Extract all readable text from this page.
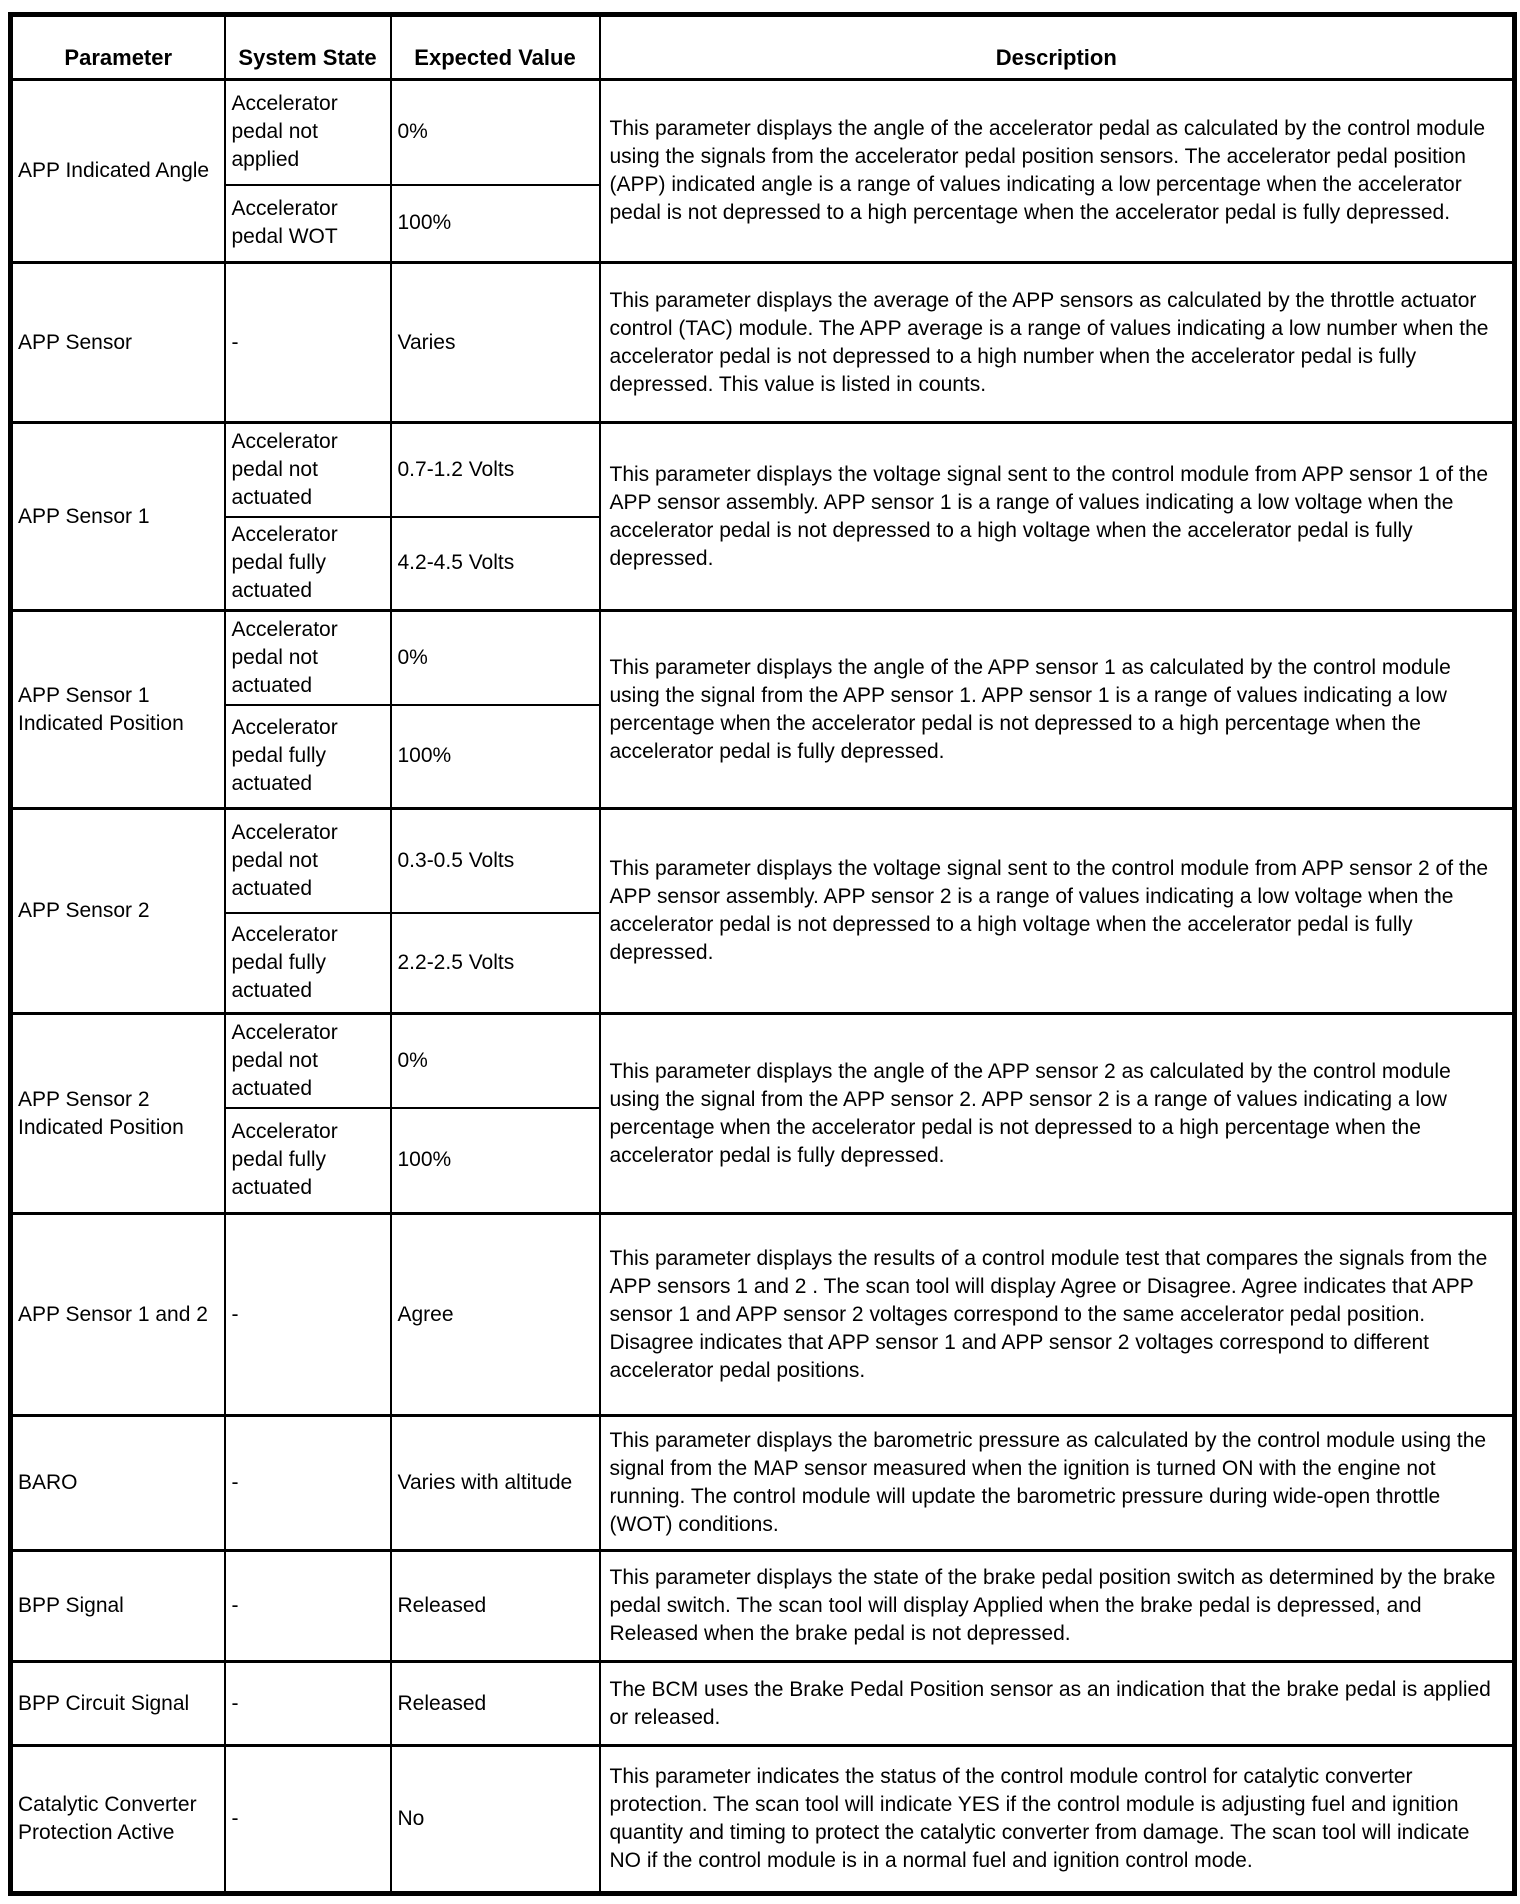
Parameter	System State	Expected Value	Description
APP Indicated Angle	Accelerator pedal not applied	0%	This parameter displays the angle of the accelerator pedal as calculated by the control module using the signals from the accelerator pedal position sensors. The accelerator pedal position (APP) indicated angle is a range of values indicating a low percentage when the accelerator pedal is not depressed to a high percentage when the accelerator pedal is fully depressed.
	Accelerator pedal WOT	100%	
APP Sensor	-	Varies	This parameter displays the average of the APP sensors as calculated by the throttle actuator control (TAC) module. The APP average is a range of values indicating a low number when the accelerator pedal is not depressed to a high number when the accelerator pedal is fully depressed. This value is listed in counts.
APP Sensor 1	Accelerator pedal not actuated	0.7-1.2 Volts	This parameter displays the voltage signal sent to the control module from APP sensor 1 of the APP sensor assembly. APP sensor 1 is a range of values indicating a low voltage when the accelerator pedal is not depressed to a high voltage when the accelerator pedal is fully depressed.
	Accelerator pedal fully actuated	4.2-4.5 Volts	
APP Sensor 1 Indicated Position	Accelerator pedal not actuated	0%	This parameter displays the angle of the APP sensor 1 as calculated by the control module using the signal from the APP sensor 1. APP sensor 1 is a range of values indicating a low percentage when the accelerator pedal is not depressed to a high percentage when the accelerator pedal is fully depressed.
	Accelerator pedal fully actuated	100%	
APP Sensor 2	Accelerator pedal not actuated	0.3-0.5 Volts	This parameter displays the voltage signal sent to the control module from APP sensor 2 of the APP sensor assembly. APP sensor 2 is a range of values indicating a low voltage when the accelerator pedal is not depressed to a high voltage when the accelerator pedal is fully depressed.
	Accelerator pedal fully actuated	2.2-2.5 Volts	
APP Sensor 2 Indicated Position	Accelerator pedal not actuated	0%	This parameter displays the angle of the APP sensor 2 as calculated by the control module using the signal from the APP sensor 2. APP sensor 2 is a range of values indicating a low percentage when the accelerator pedal is not depressed to a high percentage when the accelerator pedal is fully depressed.
	Accelerator pedal fully actuated	100%	
APP Sensor 1 and 2	-	Agree	This parameter displays the results of a control module test that compares the signals from the APP sensors 1 and 2 . The scan tool will display Agree or Disagree. Agree indicates that APP sensor 1 and APP sensor 2 voltages correspond to the same accelerator pedal position. Disagree indicates that APP sensor 1 and APP sensor 2 voltages correspond to different accelerator pedal positions.
BARO	-	Varies with altitude	This parameter displays the barometric pressure as calculated by the control module using the signal from the MAP sensor measured when the ignition is turned ON with the engine not running. The control module will update the barometric pressure during wide-open throttle (WOT) conditions.
BPP Signal	-	Released	This parameter displays the state of the brake pedal position switch as determined by the brake pedal switch. The scan tool will display Applied when the brake pedal is depressed, and Released when the brake pedal is not depressed.
BPP Circuit Signal	-	Released	The BCM uses the Brake Pedal Position sensor as an indication that the brake pedal is applied or released.
Catalytic Converter Protection Active	-	No	This parameter indicates the status of the control module control for catalytic converter protection. The scan tool will indicate YES if the control module is adjusting fuel and ignition quantity and timing to protect the catalytic converter from damage. The scan tool will indicate NO if the control module is in a normal fuel and ignition control mode.
